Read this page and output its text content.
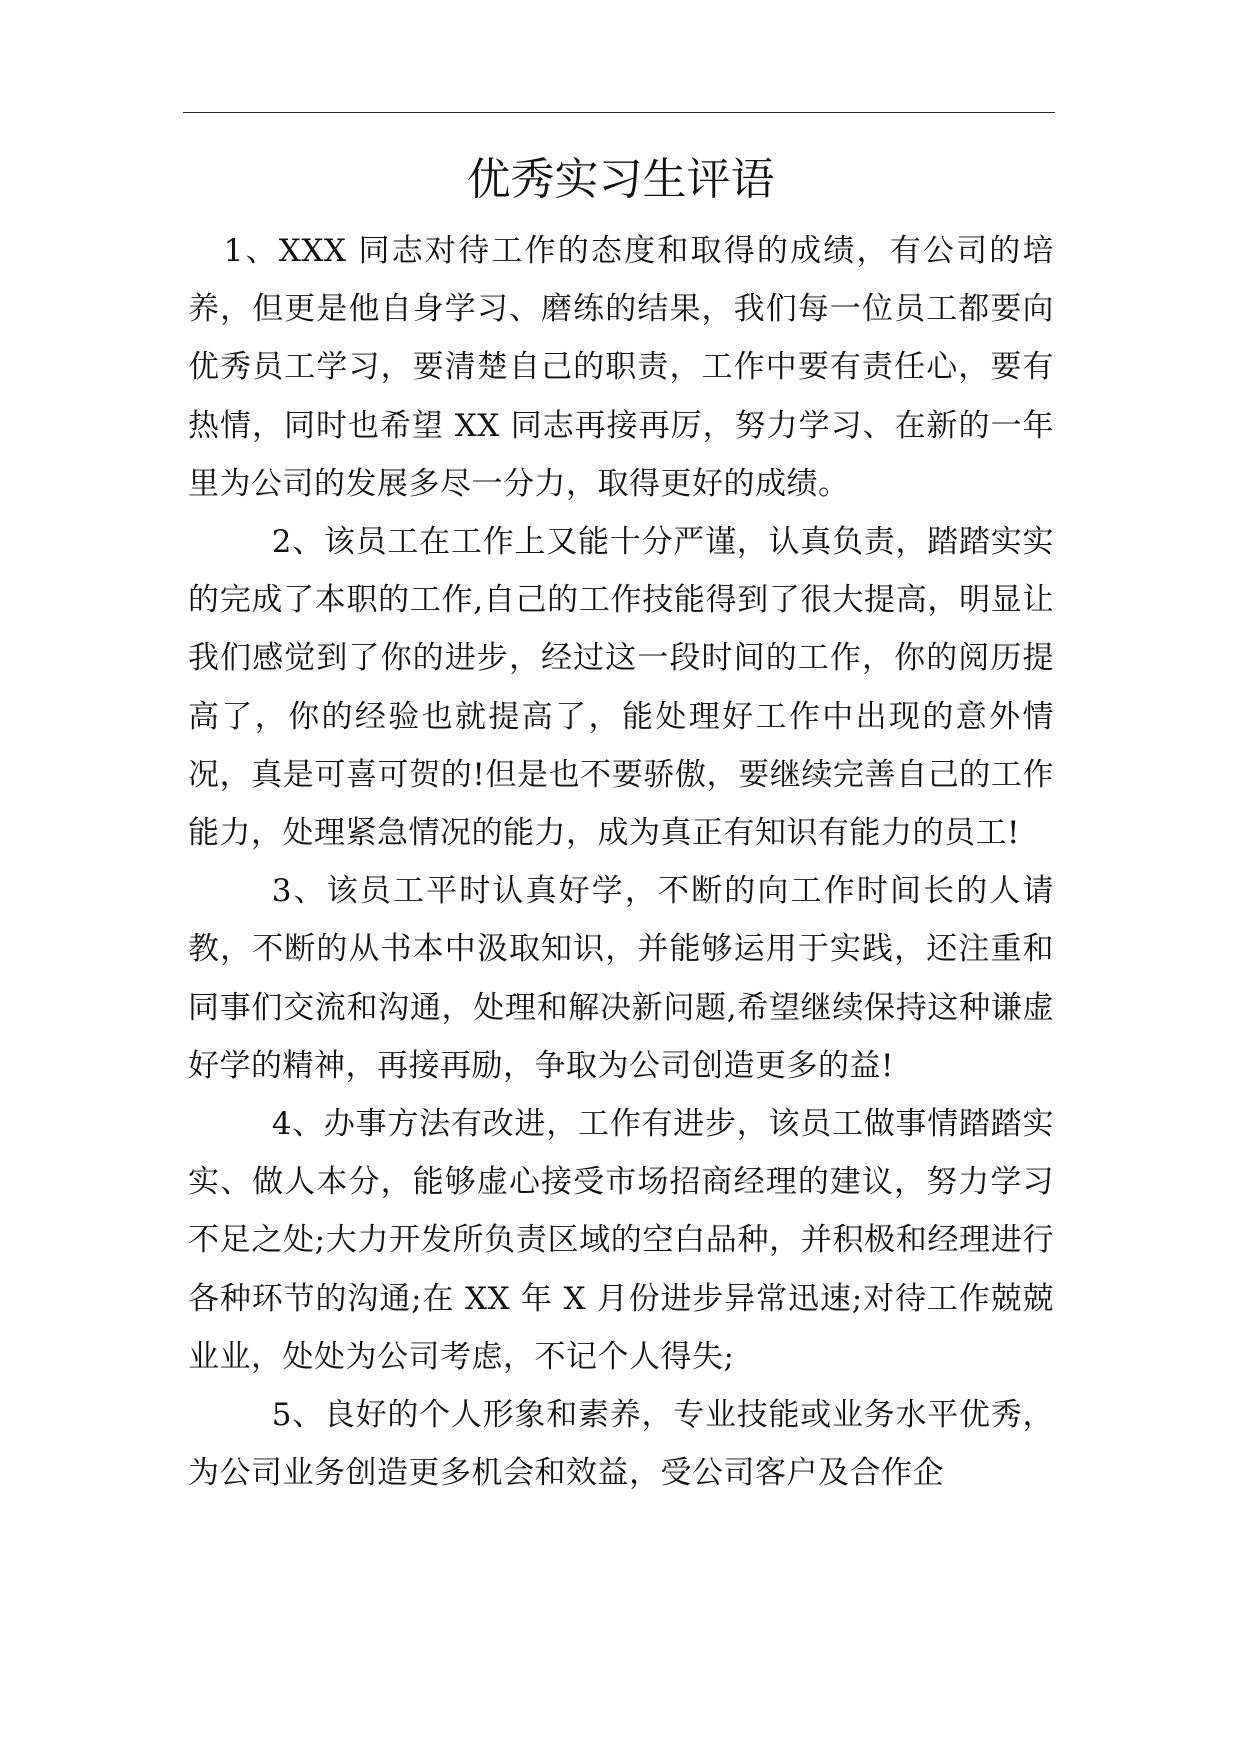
优秀实习生评语

1、XXX 同志对待工作的态度和取得的成绩，有公司的培养，但更是他自身学习、磨练的结果，我们每一位员工都要向优秀员工学习，要清楚自己的职责，工作中要有责任心，要有热情，同时也希望 XX 同志再接再厉，努力学习、在新的一年里为公司的发展多尽一分力，取得更好的成绩。

2、该员工在工作上又能十分严谨，认真负责，踏踏实实的完成了本职的工作,自己的工作技能得到了很大提高，明显让我们感觉到了你的进步，经过这一段时间的工作，你的阅历提高了，你的经验也就提高了，能处理好工作中出现的意外情况，真是可喜可贺的!但是也不要骄傲，要继续完善自己的工作能力，处理紧急情况的能力，成为真正有知识有能力的员工!

3、该员工平时认真好学，不断的向工作时间长的人请教，不断的从书本中汲取知识，并能够运用于实践，还注重和同事们交流和沟通，处理和解决新问题,希望继续保持这种谦虚好学的精神，再接再励，争取为公司创造更多的益!

4、办事方法有改进，工作有进步，该员工做事情踏踏实实、做人本分，能够虚心接受市场招商经理的建议，努力学习不足之处;大力开发所负责区域的空白品种，并积极和经理进行各种环节的沟通;在 XX 年 X 月份进步异常迅速;对待工作兢兢业业，处处为公司考虑，不记个人得失;

5、良好的个人形象和素养，专业技能或业务水平优秀，为公司业务创造更多机会和效益，受公司客户及合作企
